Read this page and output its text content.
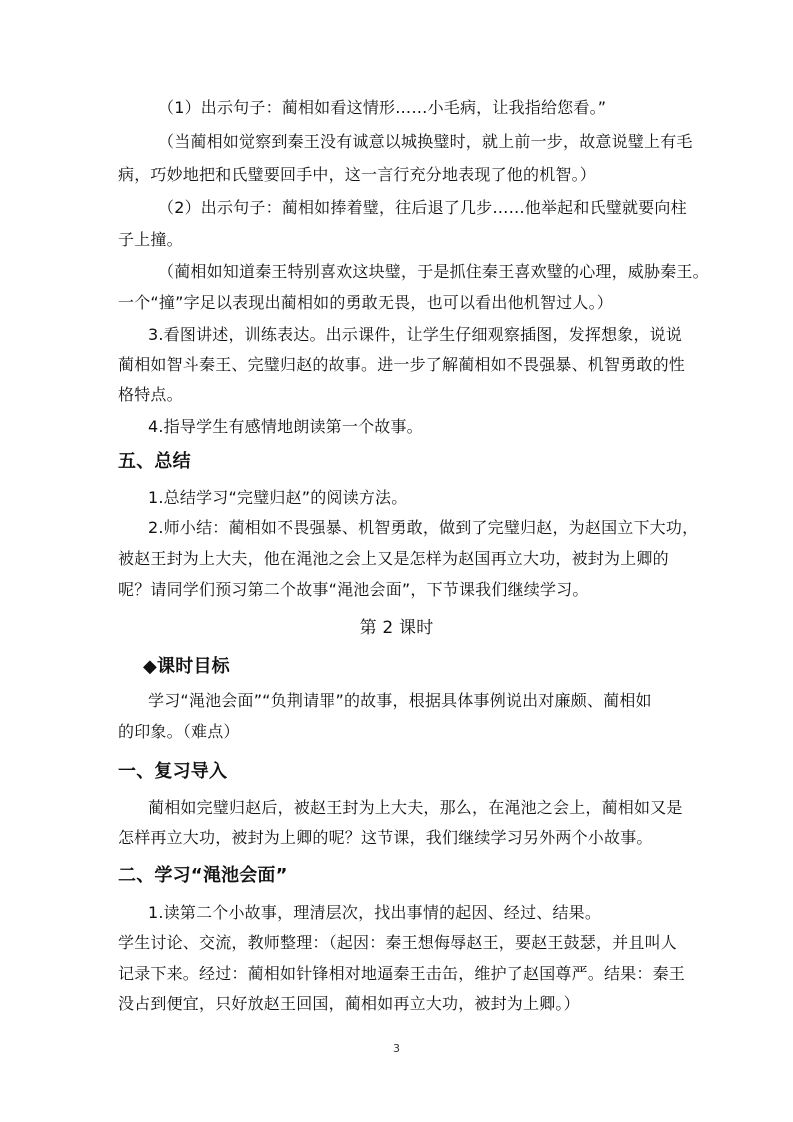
（1）出示句子：蔺相如看这情形……小毛病，让我指给您看。”
（当蔺相如觉察到秦王没有诚意以城换璧时，就上前一步，故意说璧上有毛
病，巧妙地把和氏璧要回手中，这一言行充分地表现了他的机智。）
（2）出示句子：蔺相如捧着璧，往后退了几步……他举起和氏璧就要向柱
子上撞。
（蔺相如知道秦王特别喜欢这块璧，于是抓住秦王喜欢璧的心理，威胁秦王。
一个“撞”字足以表现出蔺相如的勇敢无畏，也可以看出他机智过人。）
3.看图讲述，训练表达。出示课件，让学生仔细观察插图，发挥想象，说说
蔺相如智斗秦王、完璧归赵的故事。进一步了解蔺相如不畏强暴、机智勇敢的性
格特点。
4.指导学生有感情地朗读第一个故事。
五、总结
1.总结学习“完璧归赵”的阅读方法。
2.师小结：蔺相如不畏强暴、机智勇敢，做到了完璧归赵，为赵国立下大功，
被赵王封为上大夫，他在渑池之会上又是怎样为赵国再立大功，被封为上卿的
呢？请同学们预习第二个故事“渑池会面”，下节课我们继续学习。
第 2 课时
◆课时目标
学习“渑池会面”“负荆请罪”的故事，根据具体事例说出对廉颇、蔺相如
的印象。（难点）
一、复习导入
蔺相如完璧归赵后，被赵王封为上大夫，那么，在渑池之会上，蔺相如又是
怎样再立大功，被封为上卿的呢？这节课，我们继续学习另外两个小故事。
二、学习“渑池会面”
1.读第二个小故事，理清层次，找出事情的起因、经过、结果。
学生讨论、交流，教师整理：（起因：秦王想侮辱赵王，要赵王鼓瑟，并且叫人
记录下来。经过：蔺相如针锋相对地逼秦王击缶，维护了赵国尊严。结果：秦王
没占到便宜，只好放赵王回国，蔺相如再立大功，被封为上卿。）
3
